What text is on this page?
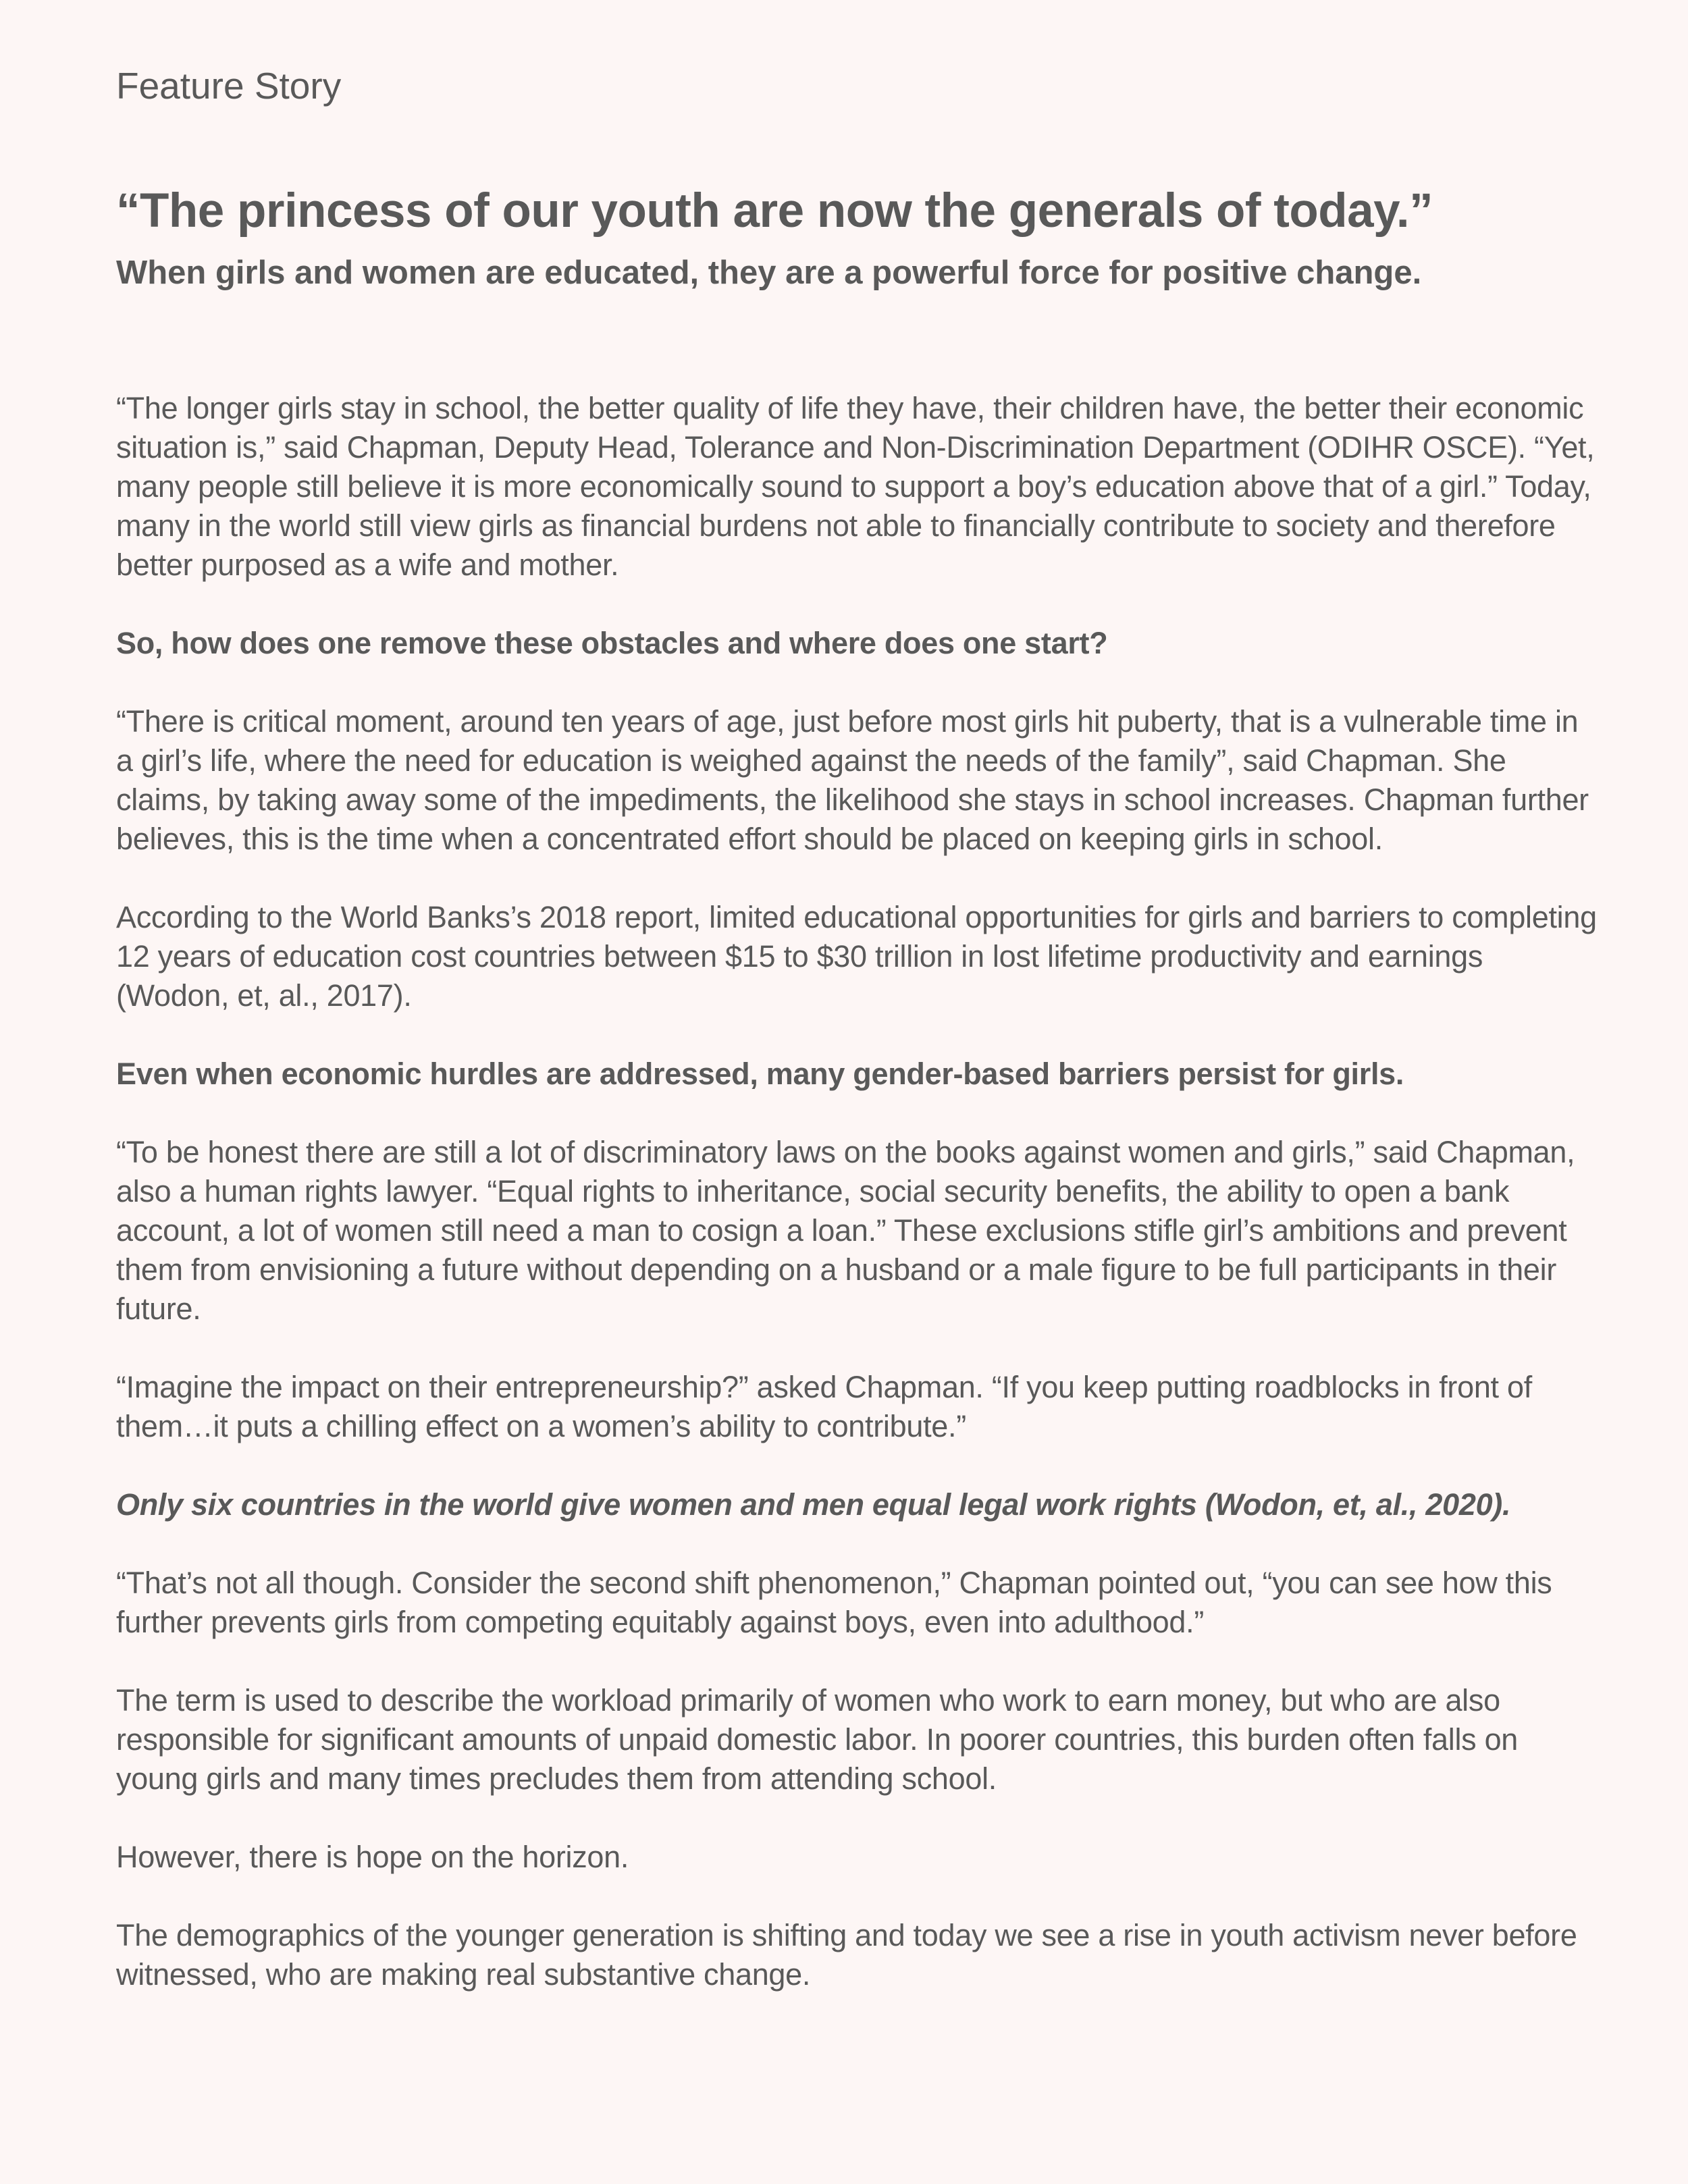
Feature Story
“The princess of our youth are now the generals of today.”
When girls and women are educated, they are a powerful force for positive change.

“The longer girls stay in school, the better quality of life they have, their children have, the better their economic situation is,” said Chapman, Deputy Head, Tolerance and Non-Discrimination Department (ODIHR OSCE). “Yet, many people still believe it is more economically sound to support a boy’s education above that of a girl.” Today, many in the world still view girls as financial burdens not able to financially contribute to society and therefore better purposed as a wife and mother.

So, how does one remove these obstacles and where does one start?

“There is critical moment, around ten years of age, just before most girls hit puberty, that is a vulnerable time in a girl’s life, where the need for education is weighed against the needs of the family”, said Chapman. She claims, by taking away some of the impediments, the likelihood she stays in school increases. Chapman further believes, this is the time when a concentrated effort should be placed on keeping girls in school.

According to the World Banks’s 2018 report, limited educational opportunities for girls and barriers to completing 12 years of education cost countries between $15 to $30 trillion in lost lifetime productivity and earnings (Wodon, et, al., 2017).

Even when economic hurdles are addressed, many gender-based barriers persist for girls.

“To be honest there are still a lot of discriminatory laws on the books against women and girls,” said Chapman, also a human rights lawyer. “Equal rights to inheritance, social security benefits, the ability to open a bank account, a lot of women still need a man to cosign a loan.” These exclusions stifle girl’s ambitions and prevent them from envisioning a future without depending on a husband or a male figure to be full participants in their future.

“Imagine the impact on their entrepreneurship?” asked Chapman. “If you keep putting roadblocks in front of them…it puts a chilling effect on a women’s ability to contribute.”

Only six countries in the world give women and men equal legal work rights (Wodon, et, al., 2020).

“That’s not all though. Consider the second shift phenomenon,” Chapman pointed out, “you can see how this further prevents girls from competing equitably against boys, even into adulthood.”

The term is used to describe the workload primarily of women who work to earn money, but who are also responsible for significant amounts of unpaid domestic labor. In poorer countries, this burden often falls on young girls and many times precludes them from attending school.

However, there is hope on the horizon.

The demographics of the younger generation is shifting and today we see a rise in youth activism never before witnessed, who are making real substantive change.
